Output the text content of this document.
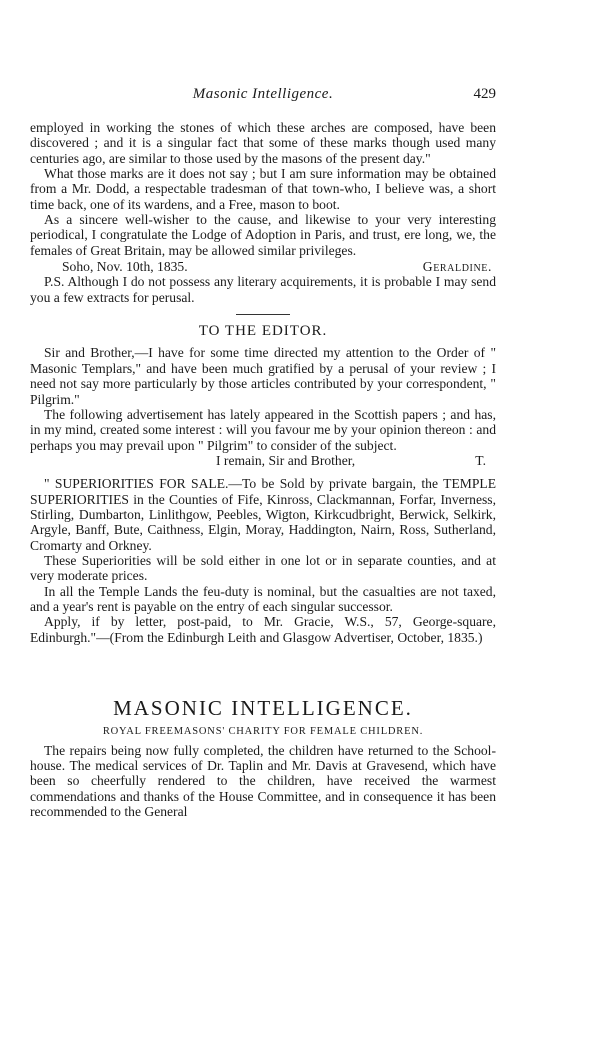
Masonic Intelligence.	429

employed in working the stones of which these arches are composed, have been discovered ; and it is a singular fact that some of these marks though used many centuries ago, are similar to those used by the masons of the present day."

What those marks are it does not say ; but I am sure information may be obtained from a Mr. Dodd, a respectable tradesman of that town-who, I believe was, a short time back, one of its wardens, and a Free, mason to boot.

As a sincere well-wisher to the cause, and likewise to your very interesting periodical, I congratulate the Lodge of Adoption in Paris, and trust, ere long, we, the females of Great Britain, may be allowed similar privileges.

Soho, Nov. 10th, 1835.	Geraldine.

P.S. Although I do not possess any literary acquirements, it is probable I may send you a few extracts for perusal.

TO THE EDITOR.

Sir and Brother,—I have for some time directed my attention to the Order of " Masonic Templars," and have been much gratified by a perusal of your review ; I need not say more particularly by those articles contributed by your correspondent, " Pilgrim."

The following advertisement has lately appeared in the Scottish papers ; and has, in my mind, created some interest : will you favour me by your opinion thereon : and perhaps you may prevail upon " Pilgrim" to consider of the subject.

I remain, Sir and Brother,	T.

" SUPERIORITIES FOR SALE.—To be Sold by private bargain, the TEMPLE SUPERIORITIES in the Counties of Fife, Kinross, Clackmannan, Forfar, Inverness, Stirling, Dumbarton, Linlithgow, Peebles, Wigton, Kirkcudbright, Berwick, Selkirk, Argyle, Banff, Bute, Caithness, Elgin, Moray, Haddington, Nairn, Ross, Sutherland, Cromarty and Orkney.

These Superiorities will be sold either in one lot or in separate counties, and at very moderate prices.

In all the Temple Lands the feu-duty is nominal, but the casualties are not taxed, and a year's rent is payable on the entry of each singular successor.

Apply, if by letter, post-paid, to Mr. Gracie, W.S., 57, George-square, Edinburgh."—(From the Edinburgh Leith and Glasgow Advertiser, October, 1835.)

MASONIC INTELLIGENCE.
ROYAL FREEMASONS' CHARITY FOR FEMALE CHILDREN.

The repairs being now fully completed, the children have returned to the School-house. The medical services of Dr. Taplin and Mr. Davis at Gravesend, which have been so cheerfully rendered to the children, have received the warmest commendations and thanks of the House Committee, and in consequence it has been recommended to the General
